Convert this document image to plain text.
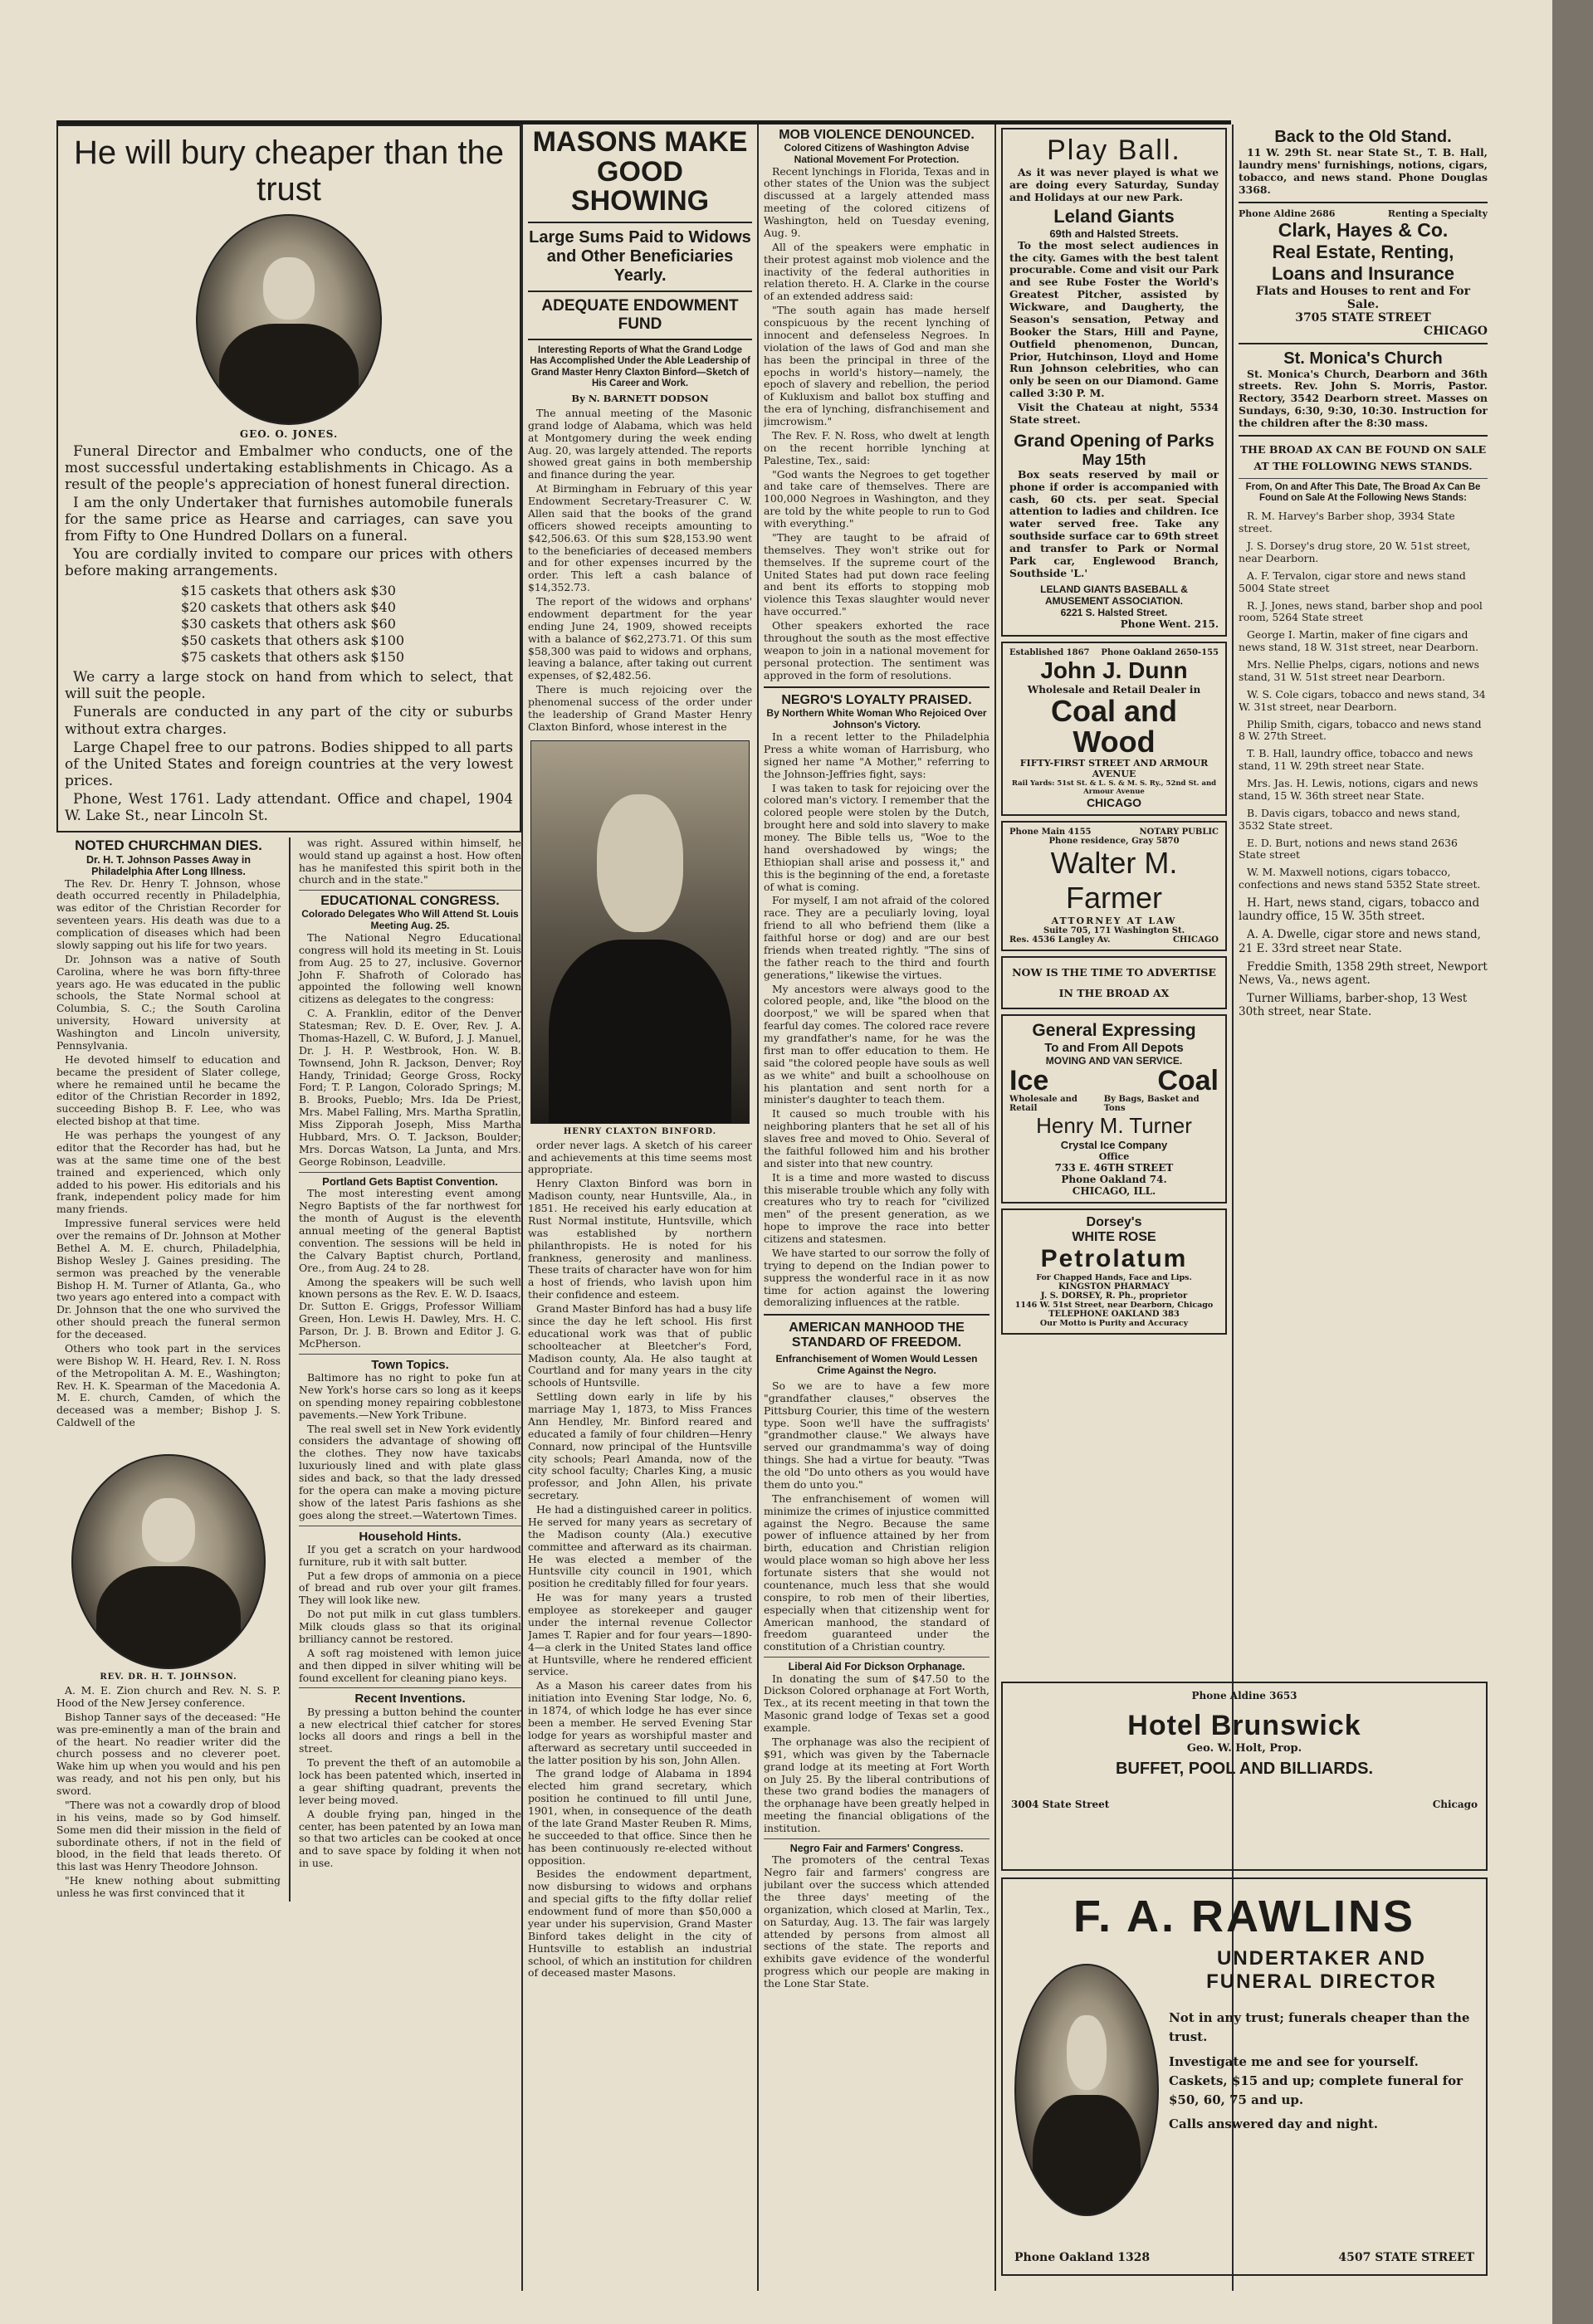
He will bury cheaper than the trust
GEO. O. JONES.

Funeral Director and Embalmer who conducts, one of the most successful undertaking establishments in Chicago. As a result of the people's appreciation of honest funeral direction.

I am the only Undertaker that furnishes automobile funerals for the same price as Hearse and carriages, can save you from Fifty to One Hundred Dollars on a funeral.

You are cordially invited to compare our prices with others before making arrangements.

$15 caskets that others ask $30
$20 caskets that others ask $40
$30 caskets that others ask $60
$50 caskets that others ask $100
$75 caskets that others ask $150

We carry a large stock on hand from which to select, that will suit the people.

Funerals are conducted in any part of the city or suburbs without extra charges.

Large Chapel free to our patrons. Bodies shipped to all parts of the United States and foreign countries at the very lowest prices.

Phone, West 1761. Lady attendant. Office and chapel, 1904 W. Lake St., near Lincoln St.

NOTED CHURCHMAN DIES.
Dr. H. T. Johnson Passes Away in Philadelphia After Long Illness.

The Rev. Dr. Henry T. Johnson, whose death occurred recently in Philadelphia, was editor of the Christian Recorder for seventeen years. His death was due to a complication of diseases which had been slowly sapping out his life for two years.

Dr. Johnson was a native of South Carolina, where he was born fifty-three years ago. He was educated in the public schools, the State Normal school at Columbia, S. C.; the South Carolina university, Howard university at Washington and Lincoln university, Pennsylvania.

He devoted himself to education and became the president of Slater college, where he remained until he became the editor of the Christian Recorder in 1892, succeeding Bishop B. F. Lee, who was elected bishop at that time.

He was perhaps the youngest of any editor that the Recorder has had, but he was at the same time one of the best trained and experienced, which only added to his power. His editorials and his frank, independent policy made for him many friends.

Impressive funeral services were held over the remains of Dr. Johnson at Mother Bethel A. M. E. church, Philadelphia, Bishop Wesley J. Gaines presiding. The sermon was preached by the venerable Bishop H. M. Turner of Atlanta, Ga., who two years ago entered into a compact with Dr. Johnson that the one who survived the other should preach the funeral sermon for the deceased.

Others who took part in the services were Bishop W. H. Heard, Rev. I. N. Ross of the Metropolitan A. M. E., Washington; Rev. H. K. Spearman of the Macedonia A. M. E. church, Camden, of which the deceased was a member; Bishop J. S. Caldwell of the

REV. DR. H. T. JOHNSON.

A. M. E. Zion church and Rev. N. S. P. Hood of the New Jersey conference.

Bishop Tanner says of the deceased: "He was pre-eminently a man of the brain and of the heart. No readier writer did the church possess and no cleverer poet. Wake him up when you would and his pen was ready, and not his pen only, but his sword.

"There was not a cowardly drop of blood in his veins, made so by God himself. Some men did their mission in the field of subordinate others, if not in the field of blood, in the field that leads thereto. Of this last was Henry Theodore Johnson.

"He knew nothing about submitting unless he was first convinced that it

was right. Assured within himself, he would stand up against a host. How often has he manifested this spirit both in the church and in the state."

EDUCATIONAL CONGRESS.
Colorado Delegates Who Will Attend St. Louis Meeting Aug. 25.

The National Negro Educational congress will hold its meeting in St. Louis from Aug. 25 to 27, inclusive. Governor John F. Shafroth of Colorado has appointed the following well known citizens as delegates to the congress:

C. A. Franklin, editor of the Denver Statesman; Rev. D. E. Over, Rev. J. A. Thomas-Hazell, C. W. Buford, J. J. Manuel, Dr. J. H. P. Westbrook, Hon. W. B. Townsend, John R. Jackson, Denver; Roy Handy, Trinidad; George Gross, Rocky Ford; T. P. Langon, Colorado Springs; M. B. Brooks, Pueblo; Mrs. Ida De Priest, Mrs. Mabel Falling, Mrs. Martha Spratlin, Miss Zipporah Joseph, Miss Martha Hubbard, Mrs. O. T. Jackson, Boulder; Mrs. Dorcas Watson, La Junta, and Mrs. George Robinson, Leadville.

Portland Gets Baptist Convention.

The most interesting event among Negro Baptists of the far northwest for the month of August is the eleventh annual meeting of the general Baptist convention. The sessions will be held in the Calvary Baptist church, Portland, Ore., from Aug. 24 to 28.

Among the speakers will be such well known persons as the Rev. E. W. D. Isaacs, Dr. Sutton E. Griggs, Professor William Green, Hon. Lewis H. Dawley, Mrs. H. C. Parson, Dr. J. B. Brown and Editor J. G. McPherson.

Town Topics.

Baltimore has no right to poke fun at New York's horse cars so long as it keeps on spending money repairing cobblestone pavements.—New York Tribune.

The real swell set in New York evidently considers the advantage of showing off the clothes. They now have taxicabs luxuriously lined and with plate glass sides and back, so that the lady dressed for the opera can make a moving picture show of the latest Paris fashions as she goes along the street.—Watertown Times.

Household Hints.

If you get a scratch on your hardwood furniture, rub it with salt butter.

Put a few drops of ammonia on a piece of bread and rub over your gilt frames. They will look like new.

Do not put milk in cut glass tumblers. Milk clouds glass so that its original brilliancy cannot be restored.

A soft rag moistened with lemon juice and then dipped in silver whiting will be found excellent for cleaning piano keys.

Recent Inventions.

By pressing a button behind the counter a new electrical thief catcher for stores locks all doors and rings a bell in the street.

To prevent the theft of an automobile a lock has been patented which, inserted in a gear shifting quadrant, prevents the lever being moved.

A double frying pan, hinged in the center, has been patented by an Iowa man so that two articles can be cooked at once and to save space by folding it when not in use.

MASONS MAKE GOOD SHOWING
Large Sums Paid to Widows and Other Beneficiaries Yearly.
ADEQUATE ENDOWMENT FUND
Interesting Reports of What the Grand Lodge Has Accomplished Under the Able Leadership of Grand Master Henry Claxton Binford—Sketch of His Career and Work.
By N. BARNETT DODSON

The annual meeting of the Masonic grand lodge of Alabama, which was held at Montgomery during the week ending Aug. 20, was largely attended. The reports showed great gains in both membership and finance during the year.

At Birmingham in February of this year Endowment Secretary-Treasurer C. W. Allen said that the books of the grand officers showed receipts amounting to $42,506.63. Of this sum $28,153.90 went to the beneficiaries of deceased members and for other expenses incurred by the order. This left a cash balance of $14,352.73.

The report of the widows and orphans' endowment department for the year ending June 24, 1909, showed receipts with a balance of $62,273.71. Of this sum $58,300 was paid to widows and orphans, leaving a balance, after taking out current expenses, of $2,482.56.

There is much rejoicing over the phenomenal success of the order under the leadership of Grand Master Henry Claxton Binford, whose interest in the

HENRY CLAXTON BINFORD.

order never lags. A sketch of his career and achievements at this time seems most appropriate.

Henry Claxton Binford was born in Madison county, near Huntsville, Ala., in 1851. He received his early education at Rust Normal institute, Huntsville, which was established by northern philanthropists. He is noted for his frankness, generosity and manliness. These traits of character have won for him a host of friends, who lavish upon him their confidence and esteem.

Grand Master Binford has had a busy life since the day he left school. His first educational work was that of public schoolteacher at Bleetcher's Ford, Madison county, Ala. He also taught at Courtland and for many years in the city schools of Huntsville.

Settling down early in life by his marriage May 1, 1873, to Miss Frances Ann Hendley, Mr. Binford reared and educated a family of four children—Henry Connard, now principal of the Huntsville city schools; Pearl Amanda, now of the city school faculty; Charles King, a music professor, and John Allen, his private secretary.

He had a distinguished career in politics. He served for many years as secretary of the Madison county (Ala.) executive committee and afterward as its chairman. He was elected a member of the Huntsville city council in 1901, which position he creditably filled for four years.

He was for many years a trusted employee as storekeeper and gauger under the internal revenue Collector James T. Rapier and for four years—1890-4—a clerk in the United States land office at Huntsville, where he rendered efficient service.

As a Mason his career dates from his initiation into Evening Star lodge, No. 6, in 1874, of which lodge he has ever since been a member. He served Evening Star lodge for years as worshipful master and afterward as secretary until succeeded in the latter position by his son, John Allen.

The grand lodge of Alabama in 1894 elected him grand secretary, which position he continued to fill until June, 1901, when, in consequence of the death of the late Grand Master Reuben R. Mims, he succeeded to that office. Since then he has been continuously re-elected without opposition.

Besides the endowment department, now disbursing to widows and orphans and special gifts to the fifty dollar relief endowment fund of more than $50,000 a year under his supervision, Grand Master Binford takes delight in the city of Huntsville to establish an industrial school, of which an institution for children of deceased master Masons.

MOB VIOLENCE DENOUNCED.
Colored Citizens of Washington Advise National Movement For Protection.

Recent lynchings in Florida, Texas and in other states of the Union was the subject discussed at a largely attended mass meeting of the colored citizens of Washington, held on Tuesday evening, Aug. 9.

All of the speakers were emphatic in their protest against mob violence and the inactivity of the federal authorities in relation thereto. H. A. Clarke in the course of an extended address said:

"The south again has made herself conspicuous by the recent lynching of innocent and defenseless Negroes. In violation of the laws of God and man she has been the principal in three of the epochs in world's history—namely, the epoch of slavery and rebellion, the period of Kukluxism and ballot box stuffing and the era of lynching, disfranchisement and jimcrowism."

The Rev. F. N. Ross, who dwelt at length on the recent horrible lynching at Palestine, Tex., said:

"God wants the Negroes to get together and take care of themselves. There are 100,000 Negroes in Washington, and they are told by the white people to run to God with everything."

"They are taught to be afraid of themselves. They won't strike out for themselves. If the supreme court of the United States had put down race feeling and bent its efforts to stopping mob violence this Texas slaughter would never have occurred."

Other speakers exhorted the race throughout the south as the most effective weapon to join in a national movement for personal protection. The sentiment was approved in the form of resolutions.

NEGRO'S LOYALTY PRAISED.
By Northern White Woman Who Rejoiced Over Johnson's Victory.

In a recent letter to the Philadelphia Press a white woman of Harrisburg, who signed her name "A Mother," referring to the Johnson-Jeffries fight, says:

I was taken to task for rejoicing over the colored man's victory. I remember that the colored people were stolen by the Dutch, brought here and sold into slavery to make money. The Bible tells us, "Woe to the hand overshadowed by wings; the Ethiopian shall arise and possess it," and this is the beginning of the end, a foretaste of what is coming.

For myself, I am not afraid of the colored race. They are a peculiarly loving, loyal friend to all who befriend them (like a faithful horse or dog) and are our best friends when treated rightly. "The sins of the father reach to the third and fourth generations," likewise the virtues.

My ancestors were always good to the colored people, and, like "the blood on the doorpost," we will be spared when that fearful day comes. The colored race revere my grandfather's name, for he was the first man to offer education to them. He said "the colored people have souls as well as we white" and built a schoolhouse on his plantation and sent north for a minister's daughter to teach them.

It caused so much trouble with his neighboring planters that he set all of his slaves free and moved to Ohio. Several of the faithful followed him and his brother and sister into that new country.

It is a time and more wasted to discuss this miserable trouble which any folly with creatures who try to reach for "civilized men" of the present generation, as we hope to improve the race into better citizens and statesmen.

We have started to our sorrow the folly of trying to depend on the Indian power to suppress the wonderful race in it as now time for action against the lowering demoralizing influences at the ratble.

AMERICAN MANHOOD THE STANDARD OF FREEDOM.
Enfranchisement of Women Would Lessen Crime Against the Negro.

So we are to have a few more "grandfather clauses," observes the Pittsburg Courier, this time of the western type. Soon we'll have the suffragists' "grandmother clause." We always have served our grandmamma's way of doing things. She had a virtue for beauty. "Twas the old "Do unto others as you would have them do unto you."

The enfranchisement of women will minimize the crimes of injustice committed against the Negro. Because the same power of influence attained by her from birth, education and Christian religion would place woman so high above her less fortunate sisters that she would not countenance, much less that she would conspire, to rob men of their liberties, especially when that citizenship went for American manhood, the standard of freedom guaranteed under the constitution of a Christian country.

Liberal Aid For Dickson Orphanage.

In donating the sum of $47.50 to the Dickson Colored orphanage at Fort Worth, Tex., at its recent meeting in that town the Masonic grand lodge of Texas set a good example.

The orphanage was also the recipient of $91, which was given by the Tabernacle grand lodge at its meeting at Fort Worth on July 25. By the liberal contributions of these two grand bodies the managers of the orphanage have been greatly helped in meeting the financial obligations of the institution.

Negro Fair and Farmers' Congress.

The promoters of the central Texas Negro fair and farmers' congress are jubilant over the success which attended the three days' meeting of the organization, which closed at Marlin, Tex., on Saturday, Aug. 13. The fair was largely attended by persons from almost all sections of the state. The reports and exhibits gave evidence of the wonderful progress which our people are making in the Lone Star State.

Play Ball.

As it was never played is what we are doing every Saturday, Sunday and Holidays at our new Park.

Leland Giants
69th and Halsted Streets.

To the most select audiences in the city. Games with the best talent procurable. Come and visit our Park and see Rube Foster the World's Greatest Pitcher, assisted by Wickware, and Daugherty, the Season's sensation, Petway and Booker the Stars, Hill and Payne, Outfield phenomenon, Duncan, Prior, Hutchinson, Lloyd and Home Run Johnson celebrities, who can only be seen on our Diamond. Game called 3:30 P. M.

Visit the Chateau at night, 5534 State street.

Grand Opening of Parks
May 15th

Box seats reserved by mail or phone if order is accompanied with cash, 60 cts. per seat. Special attention to ladies and children. Ice water served free. Take any southside surface car to 69th street and transfer to Park or Normal Park car, Englewood Branch, Southside 'L.'

LELAND GIANTS BASEBALL & AMUSEMENT ASSOCIATION.
6221 S. Halsted Street.
Phone Went. 215.
Established 1867 Phone Oakland 2650-155
John J. Dunn
Wholesale and Retail Dealer in
Coal and Wood
FIFTY-FIRST STREET AND ARMOUR AVENUE
Rail Yards: 51st St. & L. S. & M. S. Ry., 52nd St. and Armour Avenue
CHICAGO
Phone Main 4155	NOTARY PUBLIC
Phone residence, Gray 5870
Walter M. Farmer
ATTORNEY AT LAW
Suite 705, 171 Washington St.
Res. 4536 Langley Av.	CHICAGO
NOW IS THE TIME TO ADVERTISE
IN THE BROAD AX
General Expressing
To and From All Depots
MOVING AND VAN SERVICE.
Ice	Coal
Wholesale and Retail
By Bags, Basket and Tons
Henry M. Turner
Crystal Ice Company
Office
733 E. 46TH STREET
Phone Oakland 74.
CHICAGO, ILL.
Dorsey's
WHITE ROSE
Petrolatum
For Chapped Hands, Face and Lips.
KINGSTON PHARMACY
J. S. DORSEY, R. Ph., proprietor
1146 W. 51st Street, near Dearborn, Chicago
TELEPHONE OAKLAND 383
Our Motto is Purity and Accuracy
Back to the Old Stand.

11 W. 29th St. near State St., T. B. Hall, laundry mens' furnishings, notions, cigars, tobacco, and news stand. Phone Douglas 3368.

Phone Aldine 2686	Renting a Specialty
Clark, Hayes & Co.
Real Estate, Renting,
Loans and Insurance
Flats and Houses to rent and For Sale.
3705 STATE STREET
CHICAGO
St. Monica's Church

St. Monica's Church, Dearborn and 36th streets. Rev. John S. Morris, Pastor. Rectory, 3542 Dearborn street. Masses on Sundays, 6:30, 9:30, 10:30. Instruction for the children after the 8:30 mass.

THE BROAD AX CAN BE FOUND ON SALE AT THE FOLLOWING NEWS STANDS.
From, On and After This Date, The Broad Ax Can Be Found on Sale At the Following News Stands:
R. M. Harvey's Barber shop, 3934 State street.
J. S. Dorsey's drug store, 20 W. 51st street, near Dearborn.
A. F. Tervalon, cigar store and news stand 5004 State street
R. J. Jones, news stand, barber shop and pool room, 5264 State street
George I. Martin, maker of fine cigars and news stand, 18 W. 31st street, near Dearborn.
Mrs. Nellie Phelps, cigars, notions and news stand, 31 W. 51st street near Dearborn.
W. S. Cole cigars, tobacco and news stand, 34 W. 31st street, near Dearborn.
Philip Smith, cigars, tobacco and news stand 8 W. 27th Street.
T. B. Hall, laundry office, tobacco and news stand, 11 W. 29th street near State.
Mrs. Jas. H. Lewis, notions, cigars and news stand, 15 W. 36th street near State.
B. Davis cigars, tobacco and news stand, 3532 State street.
E. D. Burt, notions and news stand 2636 State street
W. M. Maxwell notions, cigars tobacco, confections and news stand 5352 State street.
H. Hart, news stand, cigars, tobacco and laundry office, 15 W. 35th street.
A. A. Dwelle, cigar store and news stand, 21 E. 33rd street near State.
Freddie Smith, 1358 29th street, Newport News, Va., news agent.
Turner Williams, barber-shop, 13 West 30th street, near State.
Phone Aldine 3653
Hotel Brunswick
Geo. W. Holt, Prop.
BUFFET, POOL AND BILLIARDS.
3004 State Street	Chicago
F. A. RAWLINS
UNDERTAKER AND
FUNERAL DIRECTOR

Not in any trust; funerals cheaper than the trust.

Investigate me and see for yourself. Caskets, $15 and up; complete funeral for $50, 60, 75 and up.

Calls answered day and night.

Phone Oakland 1328	4507 STATE STREET
